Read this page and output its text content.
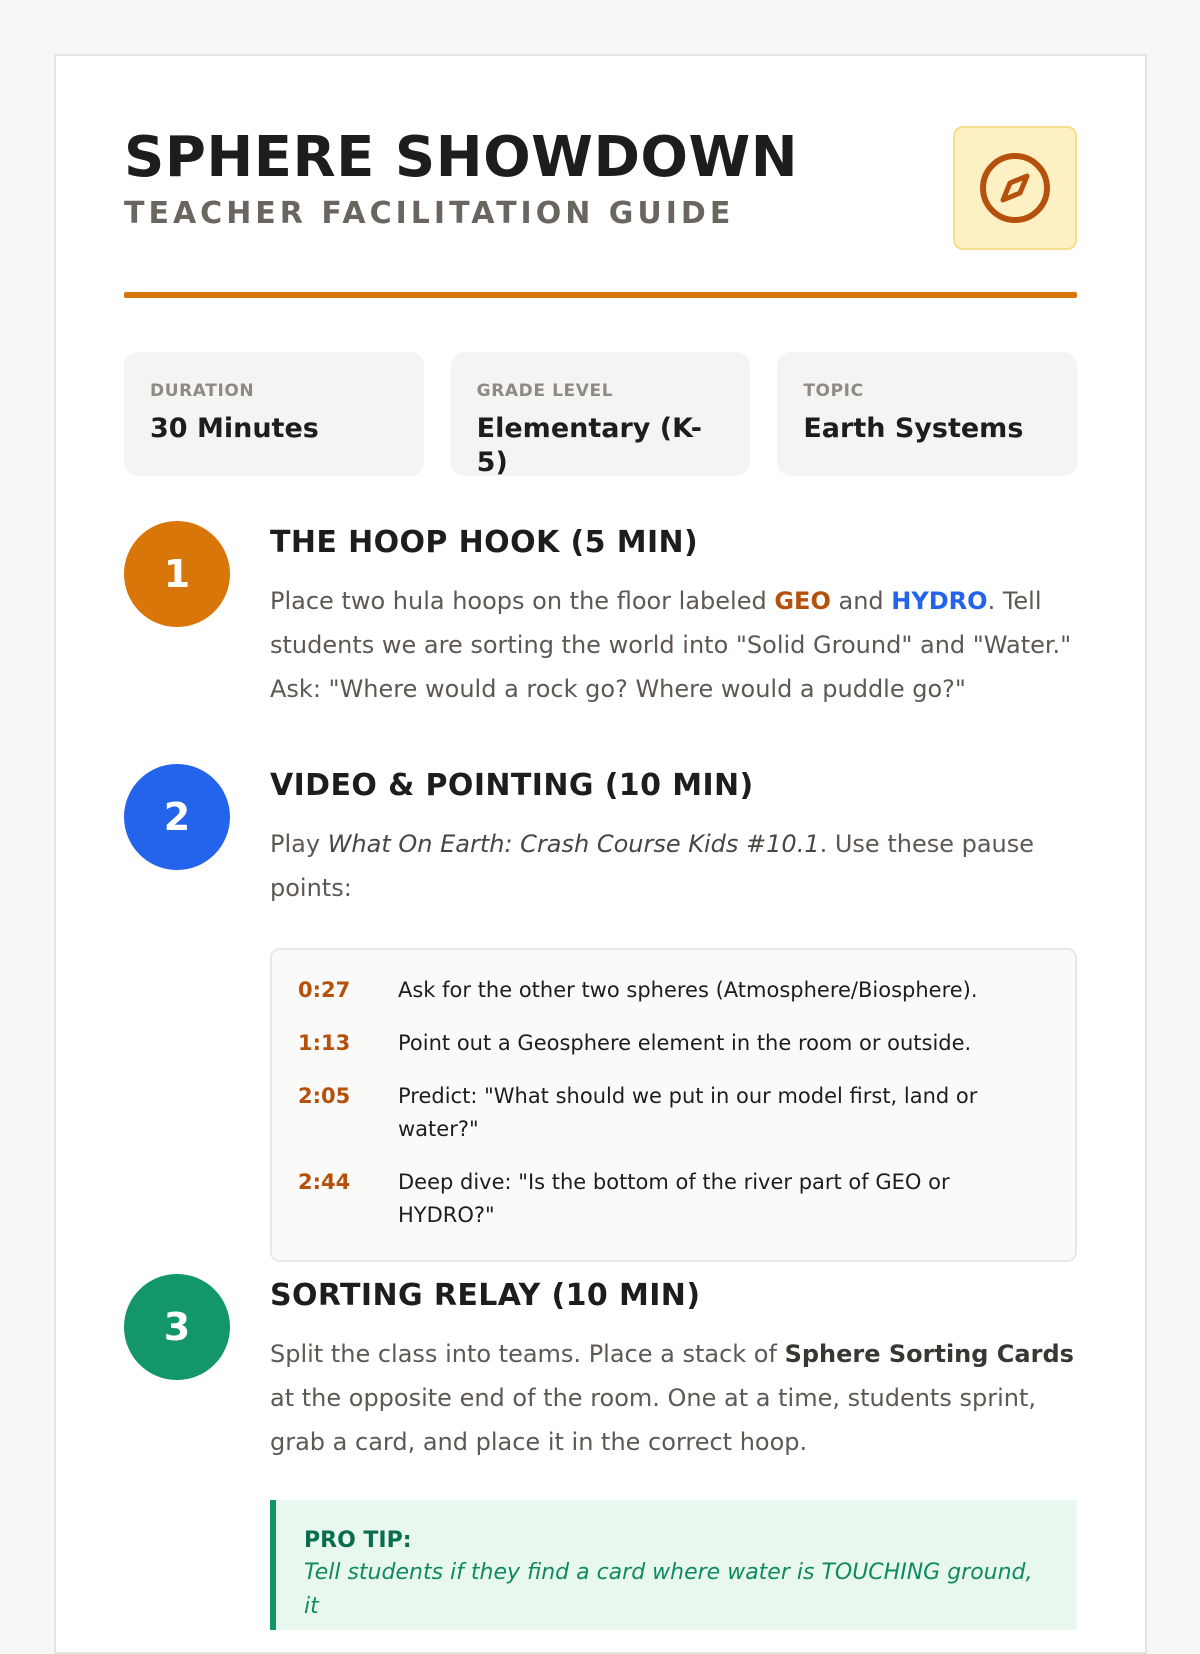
SPHERE SHOWDOWN
TEACHER FACILITATION GUIDE
DURATION
30 Minutes
GRADE LEVEL
Elementary (K-5)
TOPIC
Earth Systems
1
THE HOOP HOOK (5 MIN)
Place two hula hoops on the floor labeled GEO and HYDRO. Tell students we are sorting the world into "Solid Ground" and "Water." Ask: "Where would a rock go? Where would a puddle go?"
2
VIDEO & POINTING (10 MIN)
Play What On Earth: Crash Course Kids #10.1. Use these pause points:
0:27	Ask for the other two spheres (Atmosphere/Biosphere).
1:13	Point out a Geosphere element in the room or outside.
2:05	Predict: "What should we put in our model first, land or water?"
2:44	Deep dive: "Is the bottom of the river part of GEO or HYDRO?"
3
SORTING RELAY (10 MIN)
Split the class into teams. Place a stack of Sphere Sorting Cards at the opposite end of the room. One at a time, students sprint, grab a card, and place it in the correct hoop.
PRO TIP:
Tell students if they find a card where water is TOUCHING ground, it
